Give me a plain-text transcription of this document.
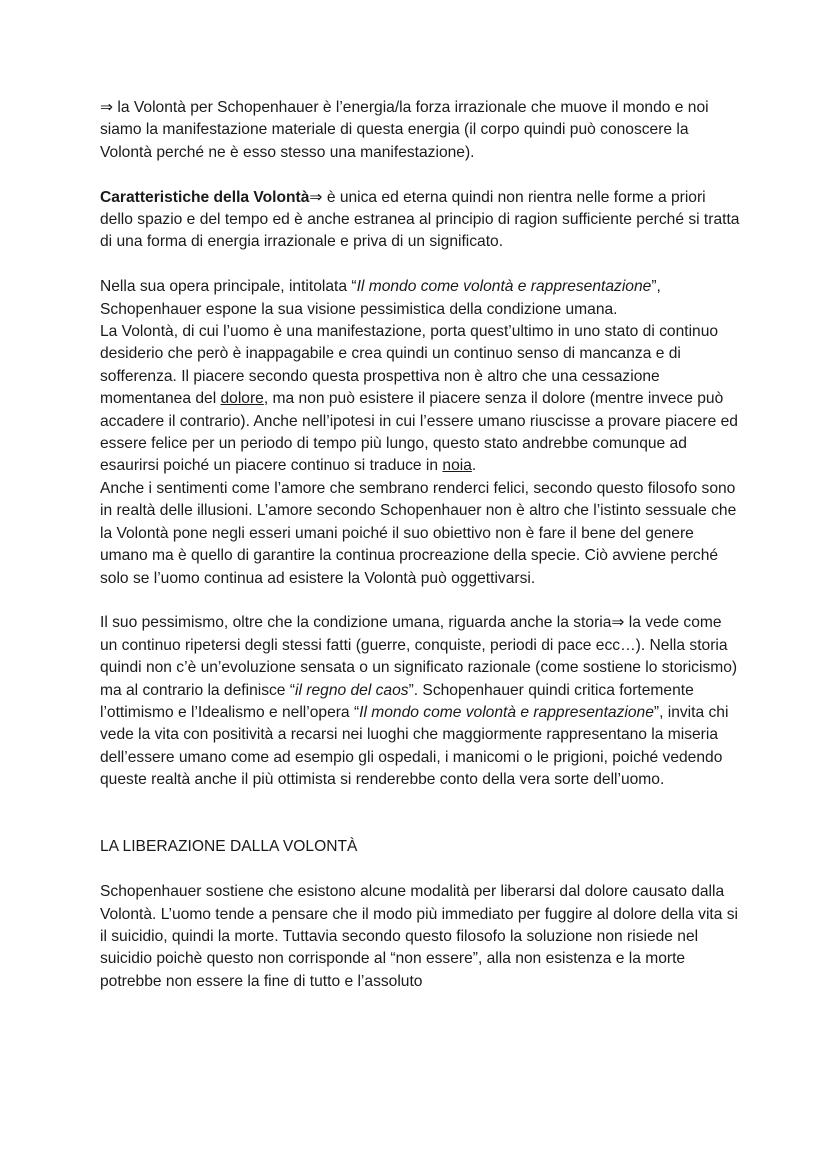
⇒ la Volontà per Schopenhauer è l’energia/la forza irrazionale che muove il mondo e noi siamo la manifestazione materiale di questa energia (il corpo quindi può conoscere la Volontà perché ne è esso stesso una manifestazione).

Caratteristiche della Volontà⇒ è unica ed eterna quindi non rientra nelle forme a priori dello spazio e del tempo ed è anche estranea al principio di ragion sufficiente perché si tratta di una forma di energia irrazionale e priva di un significato.

Nella sua opera principale, intitolata “Il mondo come volontà e rappresentazione”, Schopenhauer espone la sua visione pessimistica della condizione umana.

La Volontà, di cui l’uomo è una manifestazione, porta quest’ultimo in uno stato di continuo desiderio che però è inappagabile e crea quindi un continuo senso di mancanza e di sofferenza. Il piacere secondo questa prospettiva non è altro che una cessazione momentanea del dolore, ma non può esistere il piacere senza il dolore (mentre invece può accadere il contrario). Anche nell’ipotesi in cui l’essere umano riuscisse a provare piacere ed essere felice per un periodo di tempo più lungo, questo stato andrebbe comunque ad esaurirsi poiché un piacere continuo si traduce in noia.

Anche i sentimenti come l’amore che sembrano renderci felici, secondo questo filosofo sono in realtà delle illusioni. L’amore secondo Schopenhauer non è altro che l’istinto sessuale che la Volontà pone negli esseri umani poiché il suo obiettivo non è fare il bene del genere umano ma è quello di garantire la continua procreazione della specie. Ciò avviene perché solo se l’uomo continua ad esistere la Volontà può oggettivarsi.

Il suo pessimismo, oltre che la condizione umana, riguarda anche la storia⇒ la vede come un continuo ripetersi degli stessi fatti (guerre, conquiste, periodi di pace ecc…). Nella storia quindi non c’è un’evoluzione sensata o un significato razionale (come sostiene lo storicismo) ma al contrario la definisce “il regno del caos”. Schopenhauer quindi critica fortemente l’ottimismo e l’Idealismo e nell’opera “Il mondo come volontà e rappresentazione”, invita chi vede la vita con positività a recarsi nei luoghi che maggiormente rappresentano la miseria dell’essere umano come ad esempio gli ospedali, i manicomi o le prigioni, poiché vedendo queste realtà anche il più ottimista si renderebbe conto della vera sorte dell’uomo.

LA LIBERAZIONE DALLA VOLONTÀ

Schopenhauer sostiene che esistono alcune modalità per liberarsi dal dolore causato dalla Volontà. L’uomo tende a pensare che il modo più immediato per fuggire al dolore della vita si il suicidio, quindi la morte. Tuttavia secondo questo filosofo la soluzione non risiede nel suicidio poichè questo non corrisponde al “non essere”, alla non esistenza e la morte potrebbe non essere la fine di tutto e l’assoluto
